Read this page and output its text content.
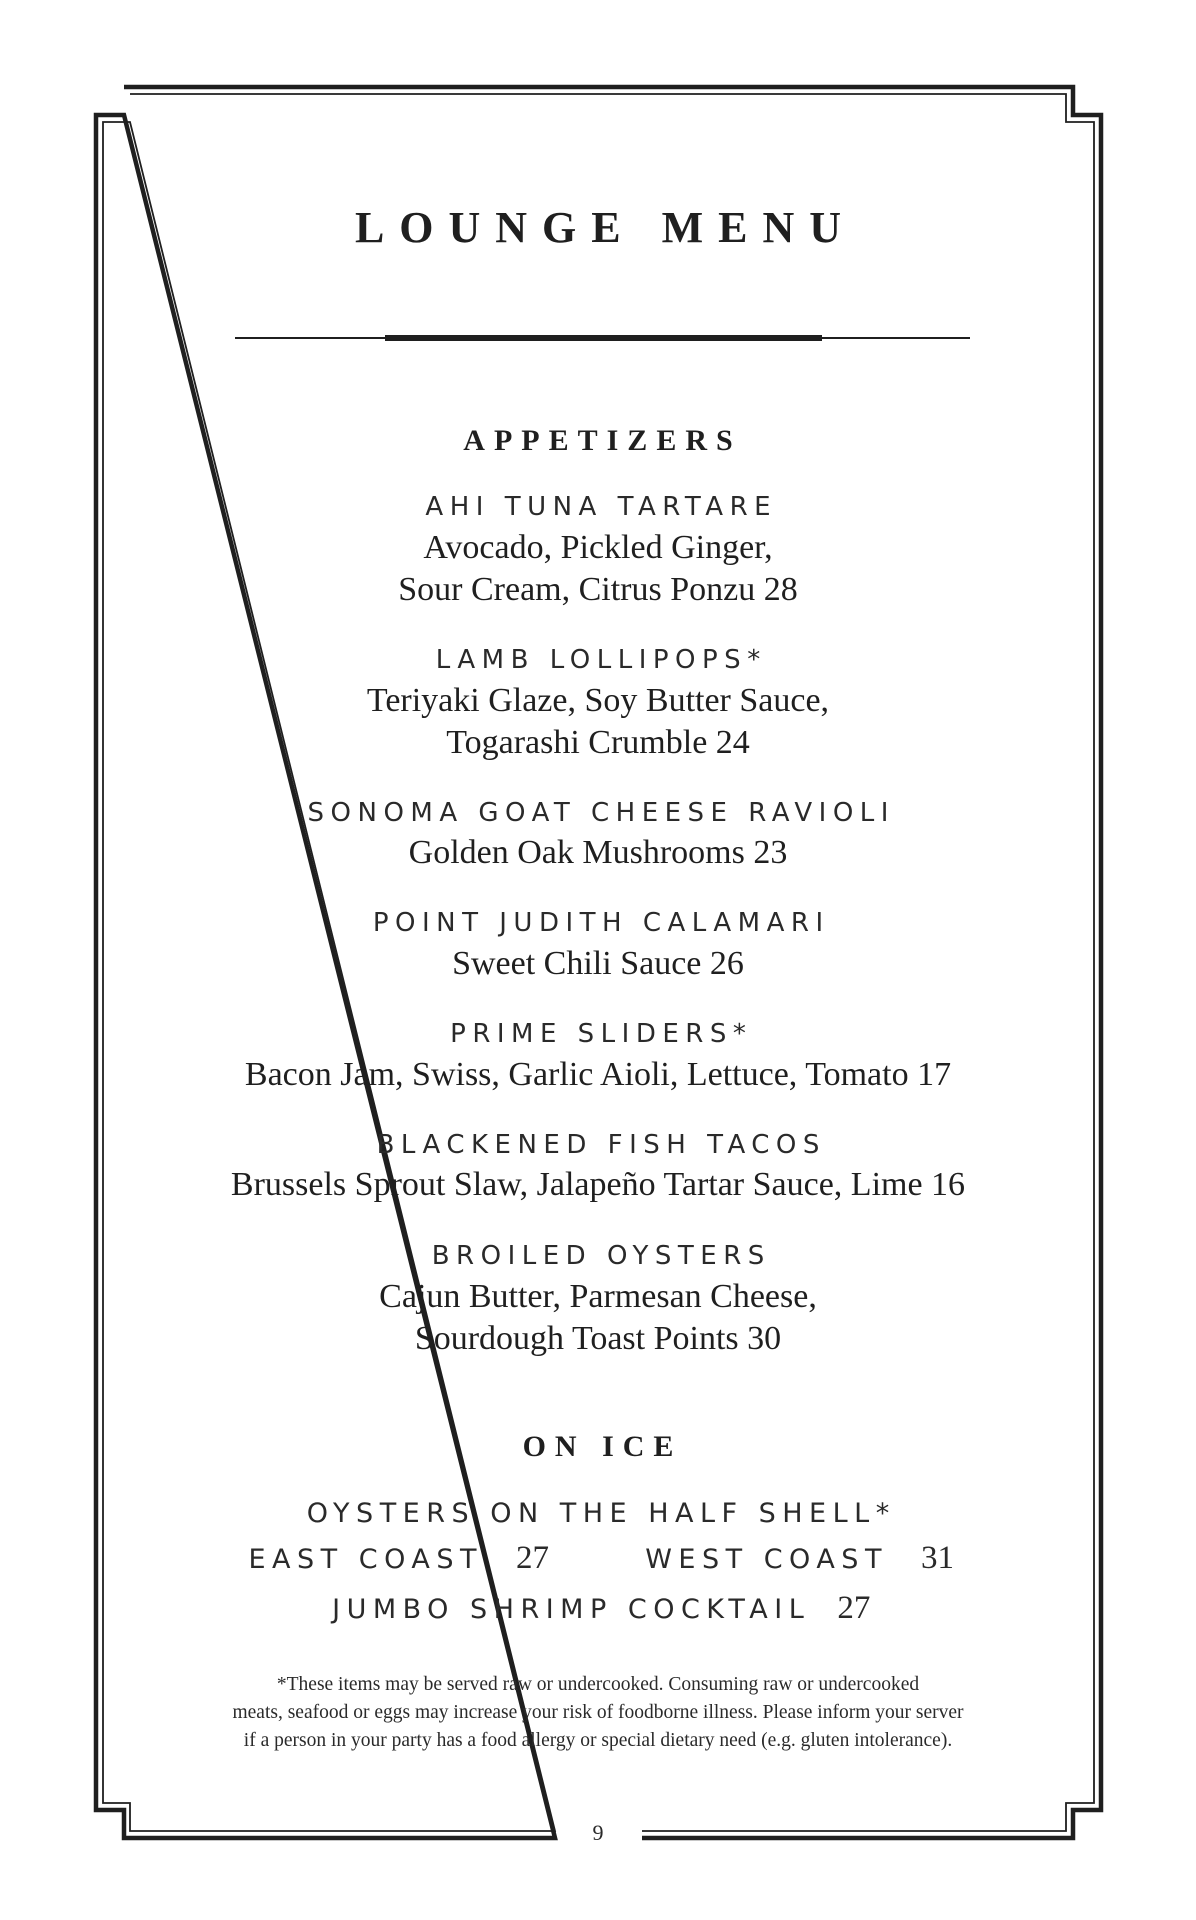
LOUNGE MENU
APPETIZERS
AHI TUNA TARTARE
Avocado, Pickled Ginger,
Sour Cream, Citrus Ponzu 28
LAMB LOLLIPOPS*
Teriyaki Glaze, Soy Butter Sauce,
Togarashi Crumble 24
SONOMA GOAT CHEESE RAVIOLI
Golden Oak Mushrooms 23
POINT JUDITH CALAMARI
Sweet Chili Sauce 26
PRIME SLIDERS*
Bacon Jam, Swiss, Garlic Aioli, Lettuce, Tomato 17
BLACKENED FISH TACOS
Brussels Sprout Slaw, Jalapeño Tartar Sauce, Lime 16
BROILED OYSTERS
Cajun Butter, Parmesan Cheese,
Sourdough Toast Points 30
ON ICE
OYSTERS ON THE HALF SHELL*
EAST COAST 27	WEST COAST 31
JUMBO SHRIMP COCKTAIL 27
*These items may be served raw or undercooked. Consuming raw or undercooked
meats, seafood or eggs may increase your risk of foodborne illness. Please inform your server
if a person in your party has a food allergy or special dietary need (e.g. gluten intolerance).
9
